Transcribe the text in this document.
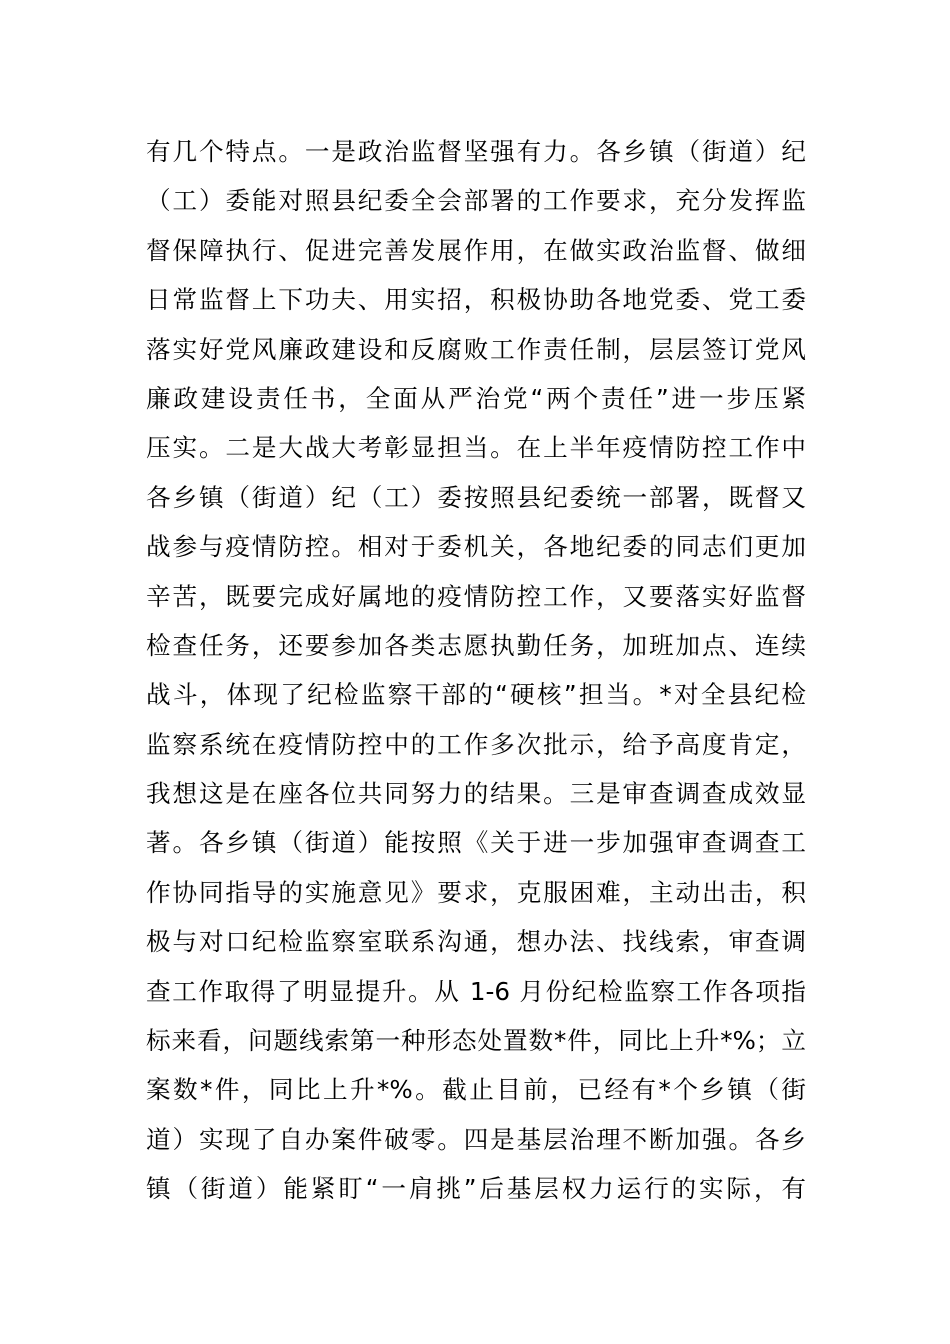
有几个特点。一是政治监督坚强有力。各乡镇（街道）纪
（工）委能对照县纪委全会部署的工作要求，充分发挥监
督保障执行、促进完善发展作用，在做实政治监督、做细
日常监督上下功夫、用实招，积极协助各地党委、党工委
落实好党风廉政建设和反腐败工作责任制，层层签订党风
廉政建设责任书，全面从严治党“两个责任”进一步压紧
压实。二是大战大考彰显担当。在上半年疫情防控工作中
各乡镇（街道）纪（工）委按照县纪委统一部署，既督又
战参与疫情防控。相对于委机关，各地纪委的同志们更加
辛苦，既要完成好属地的疫情防控工作，又要落实好监督
检查任务，还要参加各类志愿执勤任务，加班加点、连续
战斗，体现了纪检监察干部的“硬核”担当。*对全县纪检
监察系统在疫情防控中的工作多次批示，给予高度肯定，
我想这是在座各位共同努力的结果。三是审查调查成效显
著。各乡镇（街道）能按照《关于进一步加强审查调查工
作协同指导的实施意见》要求，克服困难，主动出击，积
极与对口纪检监察室联系沟通，想办法、找线索，审查调
查工作取得了明显提升。从 1-6 月份纪检监察工作各项指
标来看，问题线索第一种形态处置数*件，同比上升*%；立
案数*件，同比上升*%。截止目前，已经有*个乡镇（街
道）实现了自办案件破零。四是基层治理不断加强。各乡
镇（街道）能紧盯“一肩挑”后基层权力运行的实际，有
